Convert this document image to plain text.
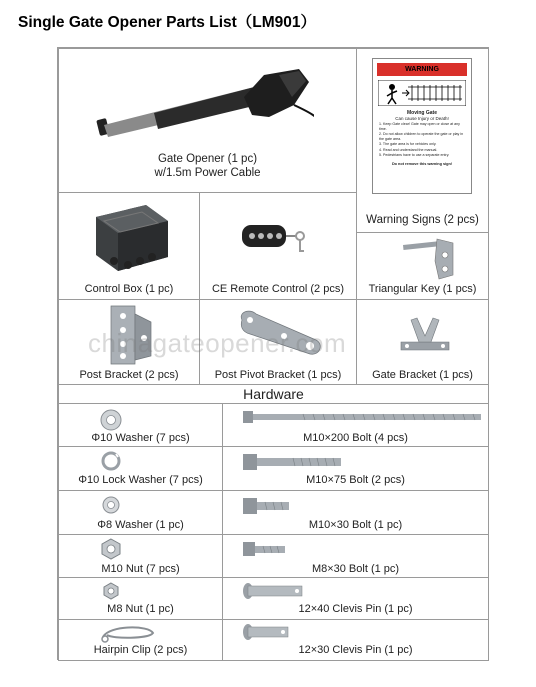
Single Gate Opener Parts List（LM901）
Gate Opener (1 pc)
w/1.5m Power Cable
WARNING
Moving Gate
Can cause Injury or Death!
1. Keep Gate clear! Gate may open or close at any time.
2. Do not allow children to operate the gate or play in the gate area.
3. The gate area is for vehicles only.
4. Read and understand the manual.
5. Pedestrians have to use a separate entry.
Do not remove this warning sign!
Warning Signs (2 pcs)
Control Box (1 pc)	CE Remote Control (2 pcs)	Triangular Key (1 pcs)
Post Bracket (2 pcs)	Post Pivot Bracket (1 pcs)	Gate Bracket (1 pcs)
Hardware
Φ10 Washer (7 pcs)	M10×200 Bolt (4 pcs)
Φ10 Lock Washer (7 pcs)	M10×75 Bolt (2 pcs)
Φ8 Washer (1 pc)	M10×30 Bolt (1 pc)
M10 Nut (7 pcs)	M8×30 Bolt (1 pc)
M8 Nut (1 pc)	12×40 Clevis Pin (1 pc)
Hairpin Clip (2 pcs)	12×30 Clevis Pin (1 pc)
chinagateopener.com
